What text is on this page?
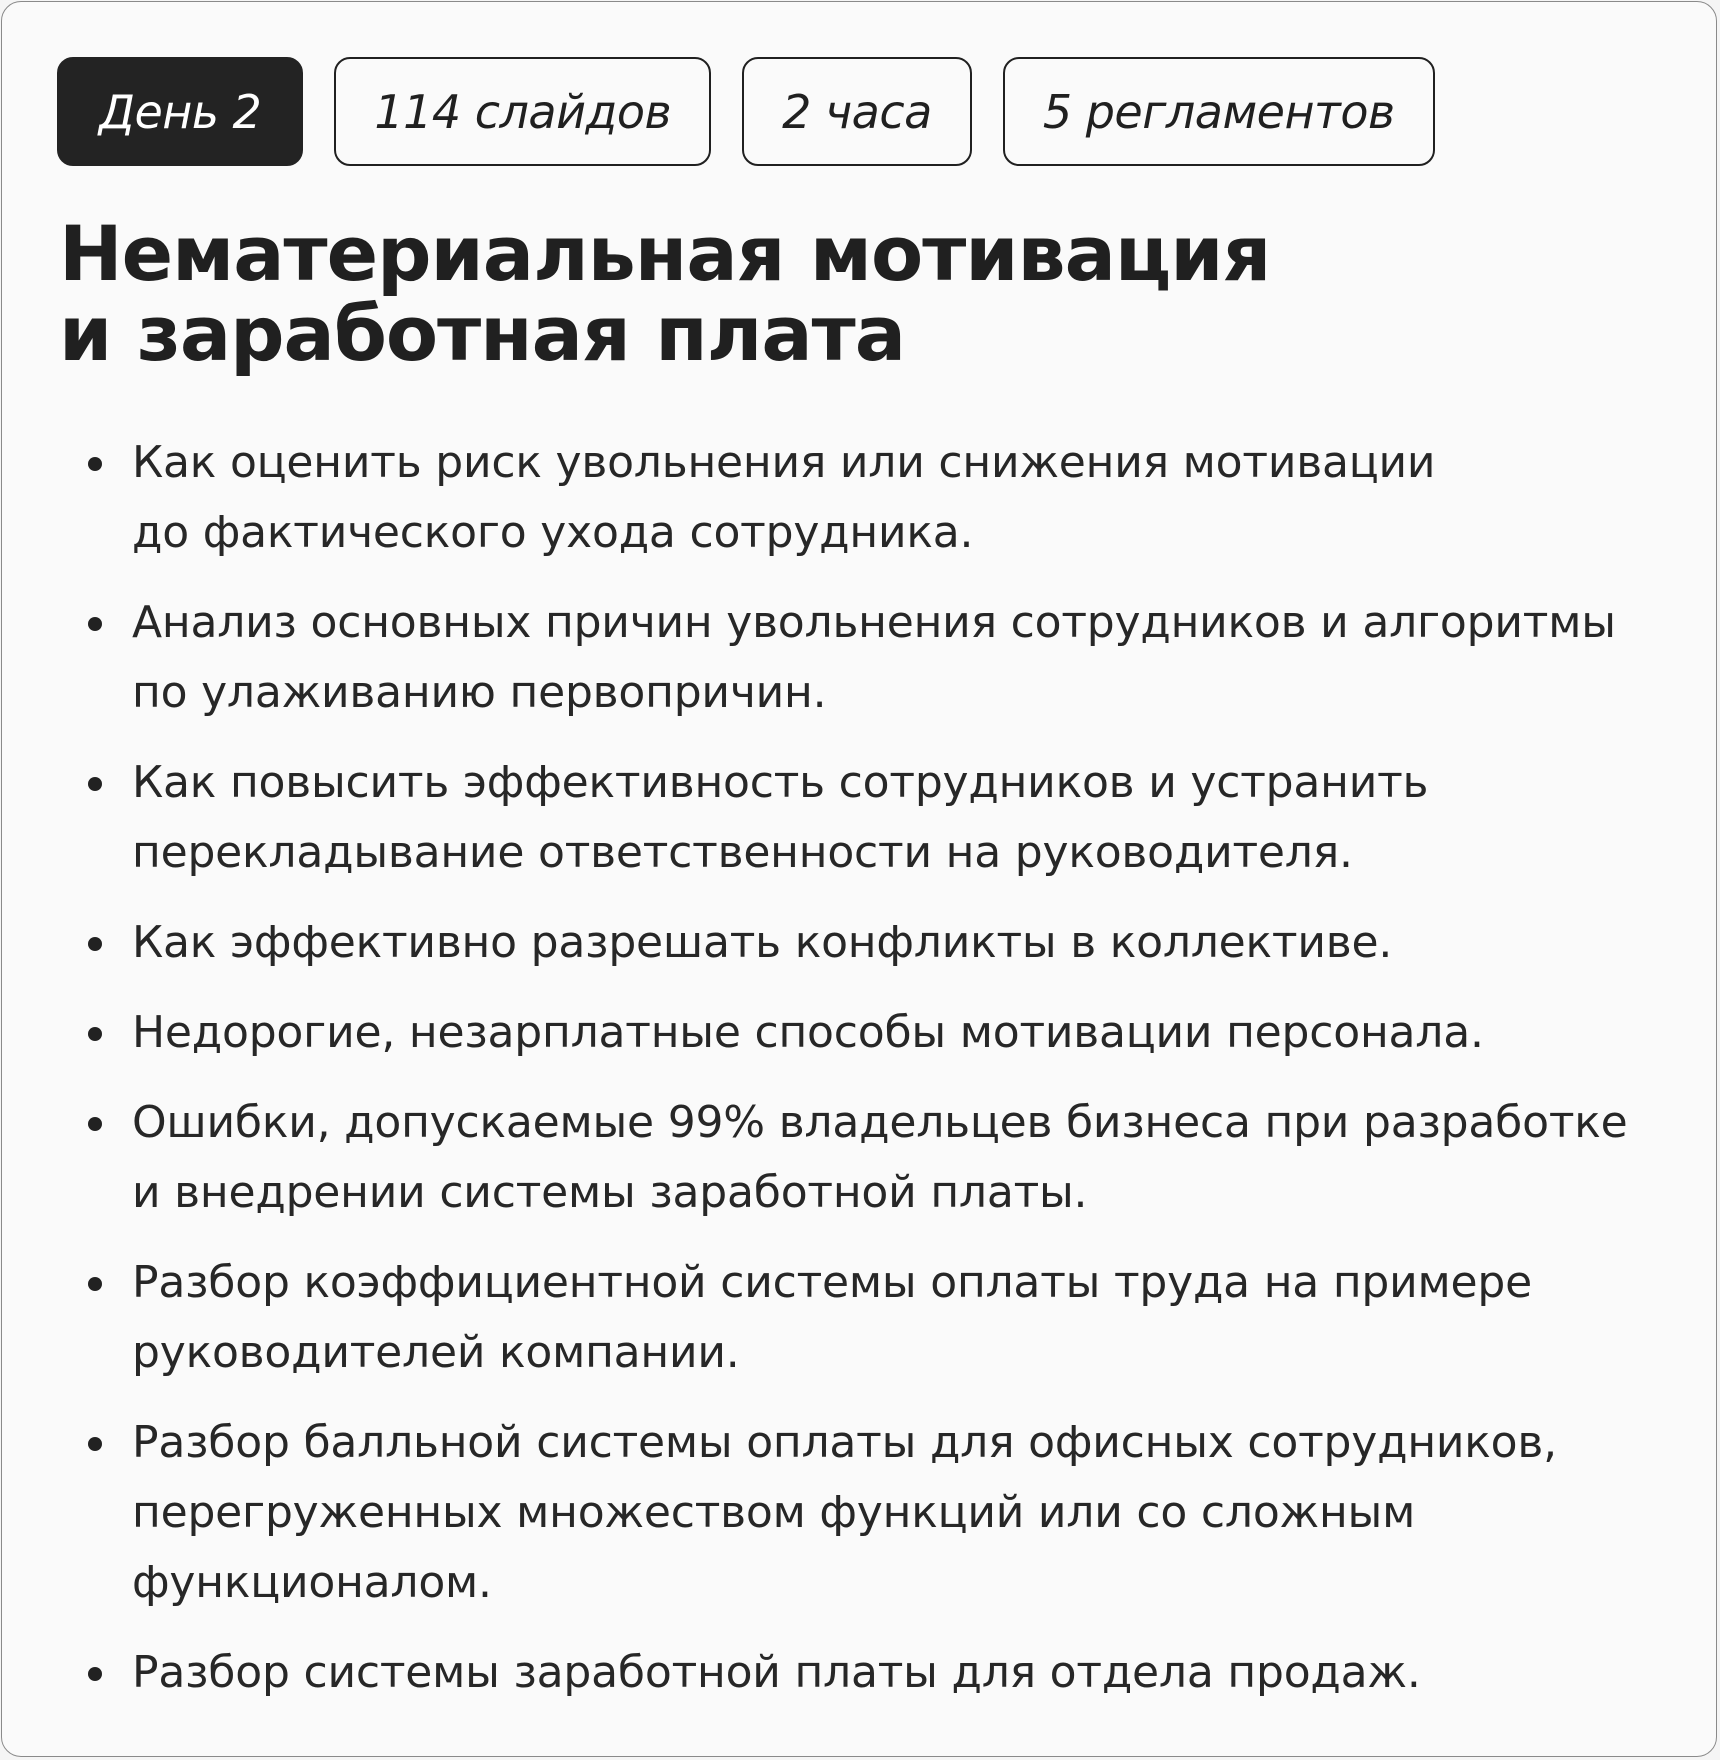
День 2	114 слайдов	2 часа	5 регламентов
Нематериальная мотивация
и заработная плата
Как оценить риск увольнения или снижения мотивации
до фактического ухода сотрудника.
Анализ основных причин увольнения сотрудников и алгоритмы
по улаживанию первопричин.
Как повысить эффективность сотрудников и устранить
перекладывание ответственности на руководителя.
Как эффективно разрешать конфликты в коллективе.
Недорогие, незарплатные способы мотивации персонала.
Ошибки, допускаемые 99% владельцев бизнеса при разработке
и внедрении системы заработной платы.
Разбор коэффициентной системы оплаты труда на примере
руководителей компании.
Разбор балльной системы оплаты для офисных сотрудников,
перегруженных множеством функций или со сложным
функционалом.
Разбор системы заработной платы для отдела продаж.
